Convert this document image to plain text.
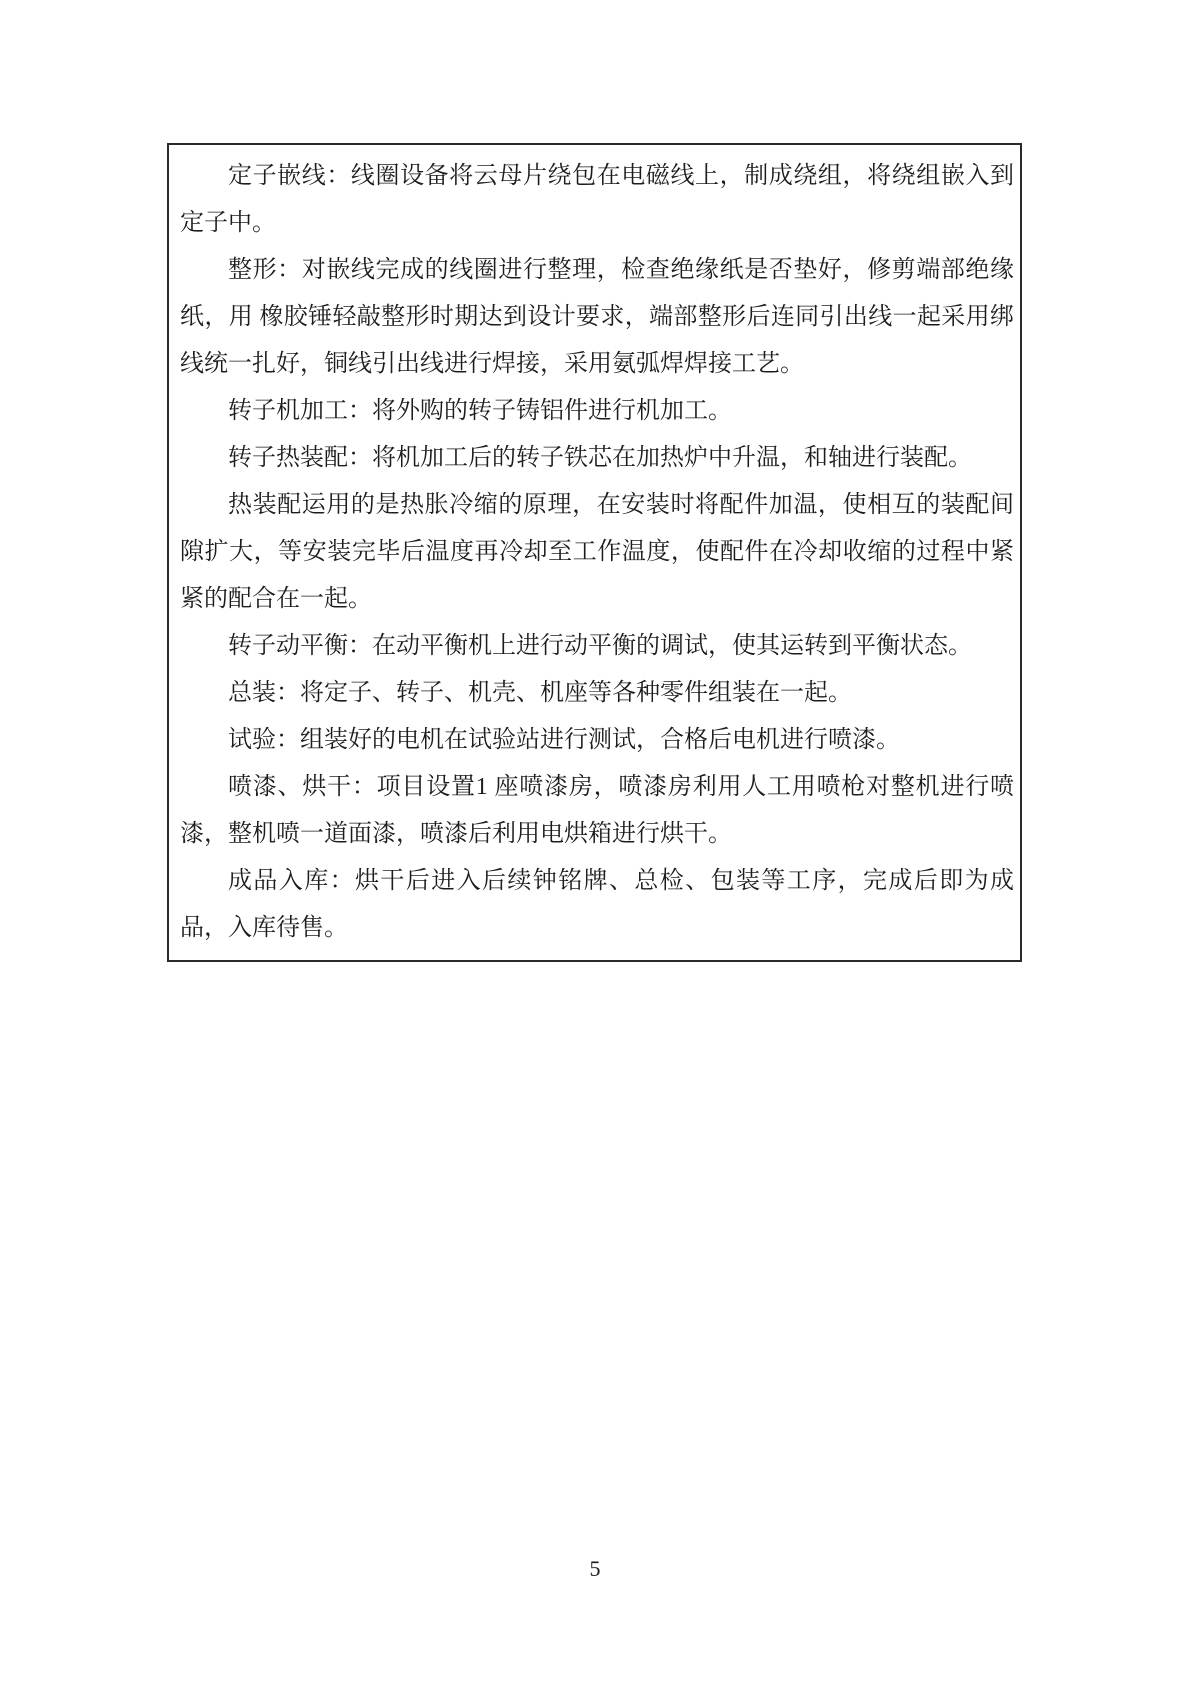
定子嵌线：线圈设备将云母片绕包在电磁线上，制成绕组，将绕组嵌入到定子中。

整形：对嵌线完成的线圈进行整理，检查绝缘纸是否垫好，修剪端部绝缘纸，用 橡胶锤轻敲整形时期达到设计要求，端部整形后连同引出线一起采用绑线统一扎好，铜线引出线进行焊接，采用氨弧焊焊接工艺。

转子机加工：将外购的转子铸铝件进行机加工。

转子热装配：将机加工后的转子铁芯在加热炉中升温，和轴进行装配。

热装配运用的是热胀冷缩的原理，在安装时将配件加温，使相互的装配间隙扩大，等安装完毕后温度再冷却至工作温度，使配件在冷却收缩的过程中紧紧的配合在一起。

转子动平衡：在动平衡机上进行动平衡的调试，使其运转到平衡状态。

总装：将定子、转子、机壳、机座等各种零件组装在一起。

试验：组装好的电机在试验站进行测试，合格后电机进行喷漆。

喷漆、烘干：项目设置1 座喷漆房，喷漆房利用人工用喷枪对整机进行喷漆，整机喷一道面漆，喷漆后利用电烘箱进行烘干。

成品入库：烘干后进入后续钟铭牌、总检、包装等工序，完成后即为成品，入库待售。

5
